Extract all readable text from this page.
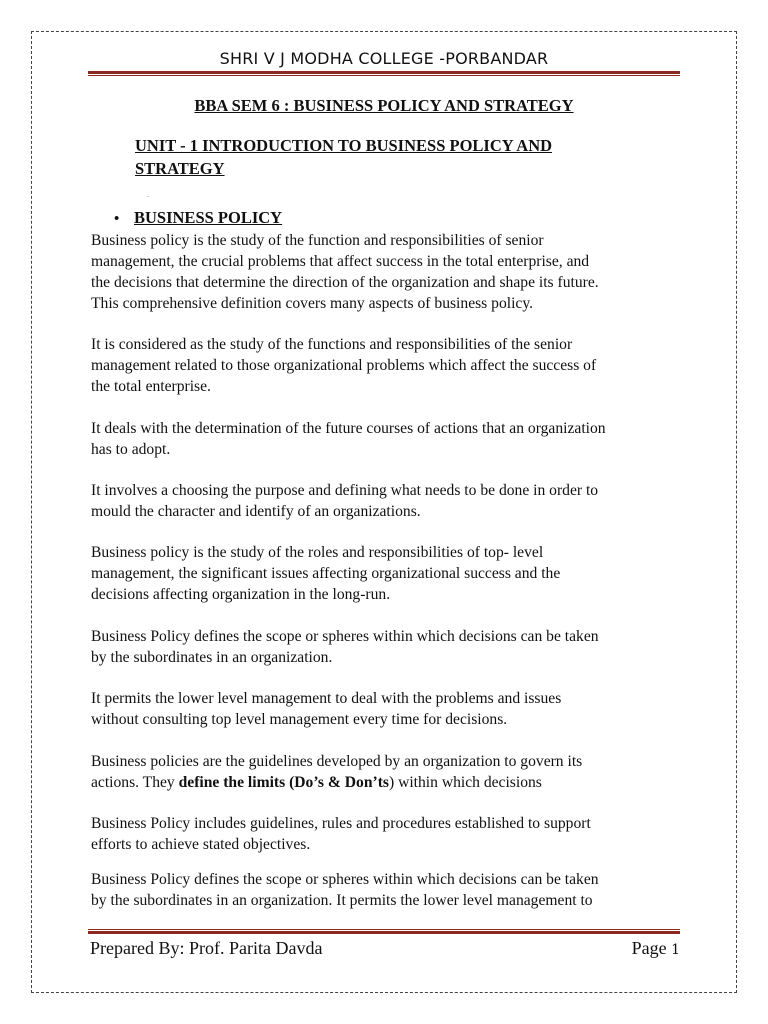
SHRI V J MODHA COLLEGE -PORBANDAR
BBA SEM 6 : BUSINESS POLICY AND STRATEGY
UNIT - 1 INTRODUCTION TO BUSINESS POLICY AND
STRATEGY
.
• BUSINESS POLICY

Business policy is the study of the function and responsibilities of senior

management, the crucial problems that affect success in the total enterprise, and

the decisions that determine the direction of the organization and shape its future.

This comprehensive definition covers many aspects of business policy.

It is considered as the study of the functions and responsibilities of the senior

management related to those organizational problems which affect the success of

the total enterprise.

It deals with the determination of the future courses of actions that an organization

has to adopt.

It involves a choosing the purpose and defining what needs to be done in order to

mould the character and identify of an organizations.

Business policy is the study of the roles and responsibilities of top- level

management, the significant issues affecting organizational success and the

decisions affecting organization in the long-run.

Business Policy defines the scope or spheres within which decisions can be taken

by the subordinates in an organization.

It permits the lower level management to deal with the problems and issues

without consulting top level management every time for decisions.

Business policies are the guidelines developed by an organization to govern its

actions. They define the limits (Do’s & Don’ts) within which decisions

Business Policy includes guidelines, rules and procedures established to support

efforts to achieve stated objectives.

Business Policy defines the scope or spheres within which decisions can be taken

by the subordinates in an organization. It permits the lower level management to

Prepared By: Prof. Parita Davda	Page 1
